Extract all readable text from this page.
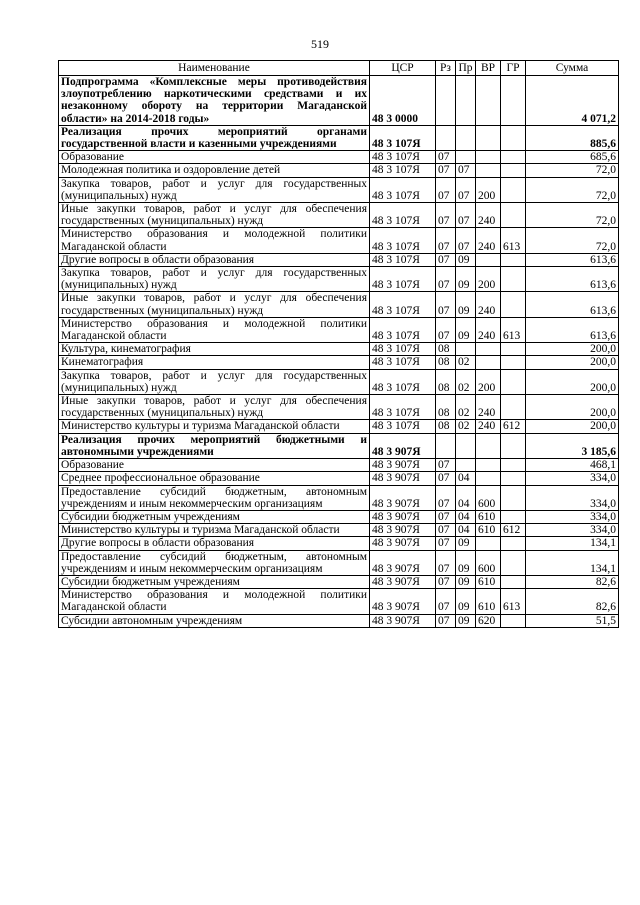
519
Наименование	ЦСР	Рз	Пр	ВР	ГР	Сумма
Подпрограмма «Комплексные меры противодействия злоупотреблению наркотическими средствами и их незаконному обороту на территории Магаданской области» на 2014-2018 годы»	48 3 0000					4 071,2
Реализация прочих мероприятий органами государственной власти и казенными учреждениями	48 3 107Я					885,6
Образование	48 3 107Я	07				685,6
Молодежная политика и оздоровление детей	48 3 107Я	07	07			72,0
Закупка товаров, работ и услуг для государственных (муниципальных) нужд	48 3 107Я	07	07	200		72,0
Иные закупки товаров, работ и услуг для обеспечения государственных (муниципальных) нужд	48 3 107Я	07	07	240		72,0
Министерство образования и молодежной политики Магаданской области	48 3 107Я	07	07	240	613	72,0
Другие вопросы в области образования	48 3 107Я	07	09			613,6
Закупка товаров, работ и услуг для государственных (муниципальных) нужд	48 3 107Я	07	09	200		613,6
Иные закупки товаров, работ и услуг для обеспечения государственных (муниципальных) нужд	48 3 107Я	07	09	240		613,6
Министерство образования и молодежной политики Магаданской области	48 3 107Я	07	09	240	613	613,6
Культура, кинематография	48 3 107Я	08				200,0
Кинематография	48 3 107Я	08	02			200,0
Закупка товаров, работ и услуг для государственных (муниципальных) нужд	48 3 107Я	08	02	200		200,0
Иные закупки товаров, работ и услуг для обеспечения государственных (муниципальных) нужд	48 3 107Я	08	02	240		200,0
Министерство культуры и туризма Магаданской области	48 3 107Я	08	02	240	612	200,0
Реализация прочих мероприятий бюджетными и автономными учреждениями	48 3 907Я					3 185,6
Образование	48 3 907Я	07				468,1
Среднее профессиональное образование	48 3 907Я	07	04			334,0
Предоставление субсидий бюджетным, автономным учреждениям и иным некоммерческим организациям	48 3 907Я	07	04	600		334,0
Субсидии бюджетным учреждениям	48 3 907Я	07	04	610		334,0
Министерство культуры и туризма Магаданской области	48 3 907Я	07	04	610	612	334,0
Другие вопросы в области образования	48 3 907Я	07	09			134,1
Предоставление субсидий бюджетным, автономным учреждениям и иным некоммерческим организациям	48 3 907Я	07	09	600		134,1
Субсидии бюджетным учреждениям	48 3 907Я	07	09	610		82,6
Министерство образования и молодежной политики Магаданской области	48 3 907Я	07	09	610	613	82,6
Субсидии автономным учреждениям	48 3 907Я	07	09	620		51,5
